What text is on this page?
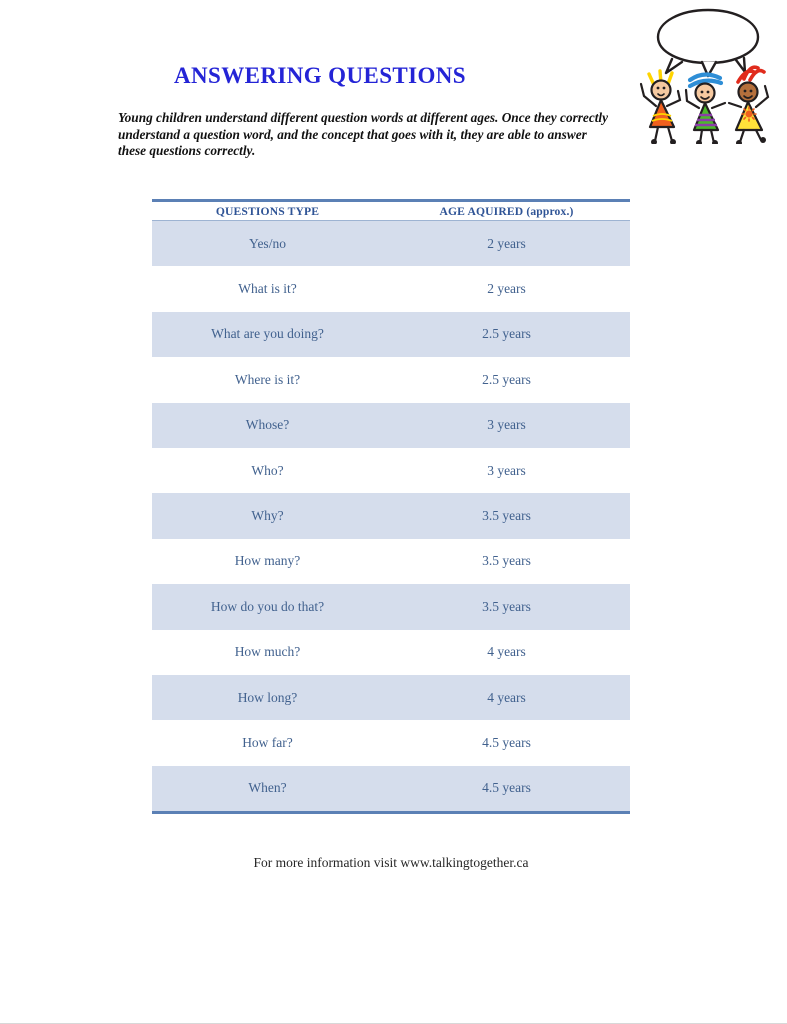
ANSWERING QUESTIONS
Young children understand different question words at different ages. Once they correctly understand a question word, and the concept that goes with it, they are able to answer these questions correctly.
QUESTIONS TYPE	AGE AQUIRED (approx.)
Yes/no	2 years
What is it?	2 years
What are you doing?	2.5 years
Where is it?	2.5 years
Whose?	3 years
Who?	3 years
Why?	3.5 years
How many?	3.5 years
How do you do that?	3.5 years
How much?	4 years
How long?	4 years
How far?	4.5 years
When?	4.5 years
For more information visit www.talkingtogether.ca
